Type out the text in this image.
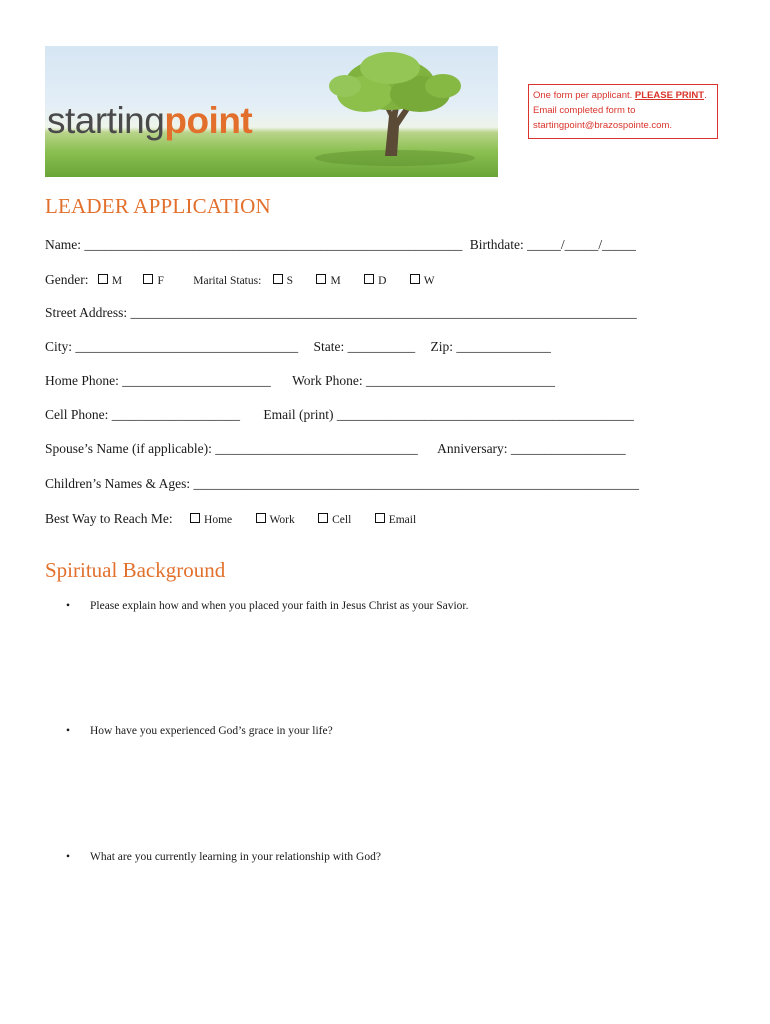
startingpoint
One form per applicant. PLEASE PRINT.
Email completed form to
startingpoint@brazospointe.com.
LEADER APPLICATION
Name: ________________________________________________________ Birthdate: _____/_____/_____
Gender: M	F	Marital Status: S	M	D	W
Street Address: ___________________________________________________________________________
City: _________________________________ State: __________ Zip: ______________
Home Phone: ______________________ Work Phone: ____________________________
Cell Phone: ___________________ Email (print) ____________________________________________
Spouse’s Name (if applicable): ______________________________ Anniversary: _________________
Children’s Names & Ages: __________________________________________________________________
Best Way to Reach Me:	Home	Work	Cell	Email
Spiritual Background
• Please explain how and when you placed your faith in Jesus Christ as your Savior.
• How have you experienced God’s grace in your life?
• What are you currently learning in your relationship with God?
